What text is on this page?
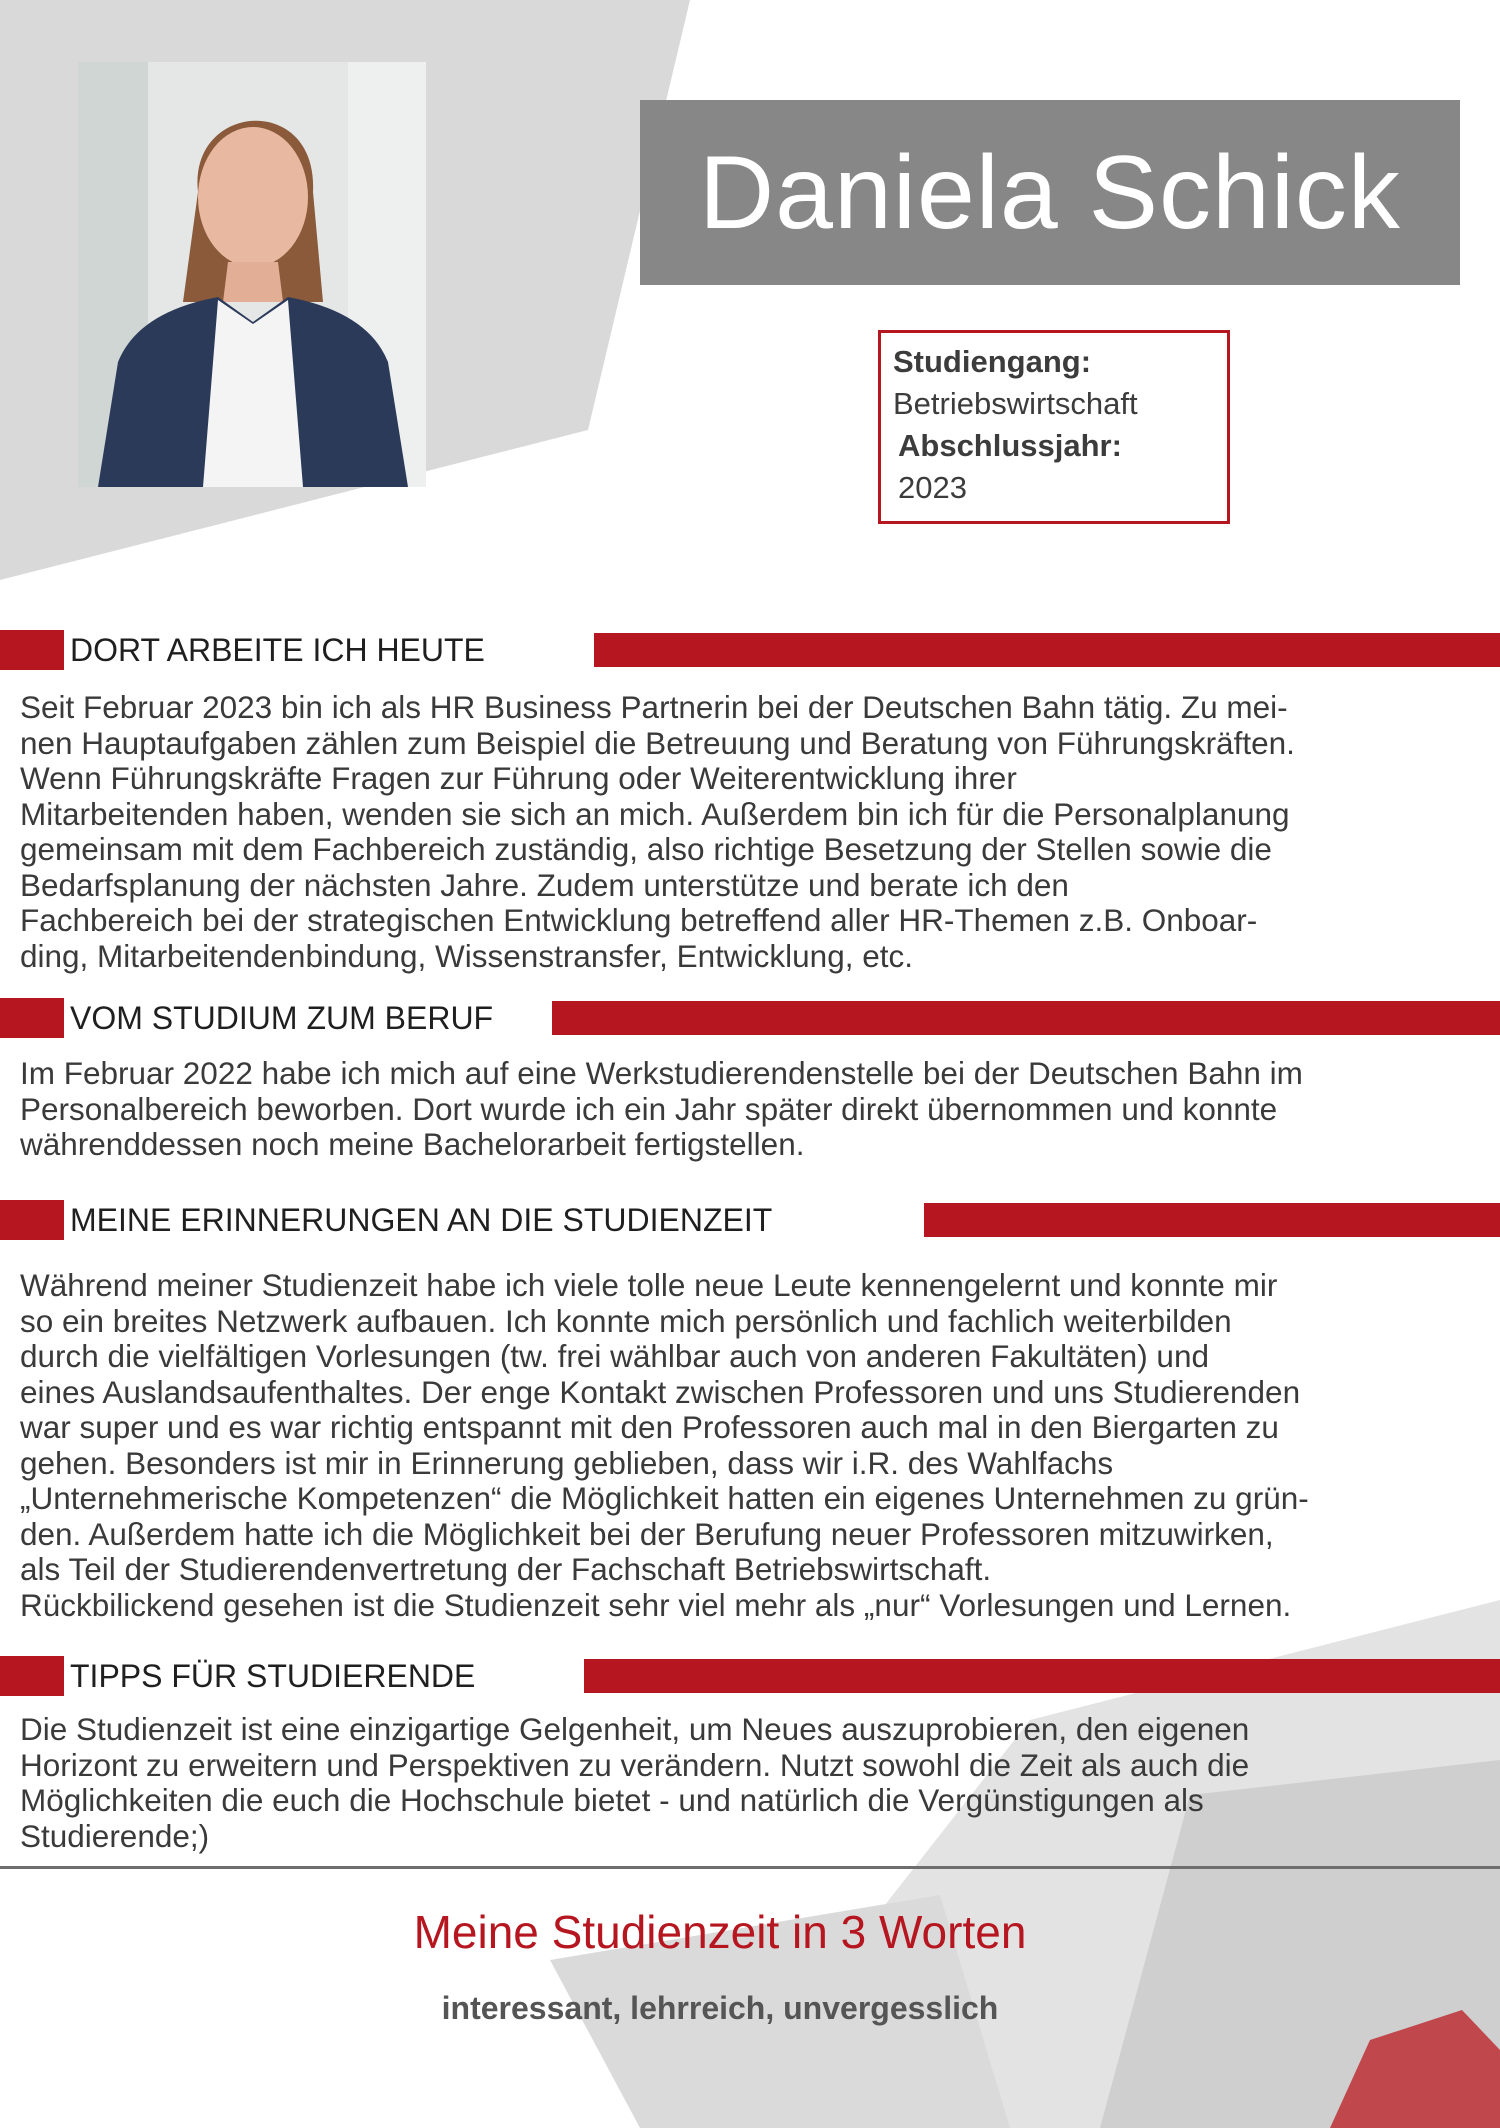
Daniela Schick
Studiengang:
Betriebswirtschaft
Abschlussjahr:
2023
DORT ARBEITE ICH HEUTE

Seit Februar 2023 bin ich als HR Business Partnerin bei der Deutschen Bahn tätig. Zu mei-

nen Hauptaufgaben zählen zum Beispiel die Betreuung und Beratung von Führungskräften.

Wenn Führungskräfte Fragen zur Führung oder Weiterentwicklung ihrer

Mitarbeitenden haben, wenden sie sich an mich. Außerdem bin ich für die Personalplanung

gemeinsam mit dem Fachbereich zuständig, also richtige Besetzung der Stellen sowie die

Bedarfsplanung der nächsten Jahre. Zudem unterstütze und berate ich den

Fachbereich bei der strategischen Entwicklung betreffend aller HR-Themen z.B. Onboar-

ding, Mitarbeitendenbindung, Wissenstransfer, Entwicklung, etc.

VOM STUDIUM ZUM BERUF

Im Februar 2022 habe ich mich auf eine Werkstudierendenstelle bei der Deutschen Bahn im

Personalbereich beworben. Dort wurde ich ein Jahr später direkt übernommen und konnte

währenddessen noch meine Bachelorarbeit fertigstellen.

MEINE ERINNERUNGEN AN DIE STUDIENZEIT

Während meiner Studienzeit habe ich viele tolle neue Leute kennengelernt und konnte mir

so ein breites Netzwerk aufbauen. Ich konnte mich persönlich und fachlich weiterbilden

durch die vielfältigen Vorlesungen (tw. frei wählbar auch von anderen Fakultäten) und

eines Auslandsaufenthaltes. Der enge Kontakt zwischen Professoren und uns Studierenden

war super und es war richtig entspannt mit den Professoren auch mal in den Biergarten zu

gehen. Besonders ist mir in Erinnerung geblieben, dass wir i.R. des Wahlfachs

„Unternehmerische Kompetenzen“ die Möglichkeit hatten ein eigenes Unternehmen zu grün-

den. Außerdem hatte ich die Möglichkeit bei der Berufung neuer Professoren mitzuwirken,

als Teil der Studierendenvertretung der Fachschaft Betriebswirtschaft.

Rückbilickend gesehen ist die Studienzeit sehr viel mehr als „nur“ Vorlesungen und Lernen.

TIPPS FÜR STUDIERENDE

Die Studienzeit ist eine einzigartige Gelgenheit, um Neues auszuprobieren, den eigenen

Horizont zu erweitern und Perspektiven zu verändern. Nutzt sowohl die Zeit als auch die

Möglichkeiten die euch die Hochschule bietet - und natürlich die Vergünstigungen als

Studierende;)

Meine Studienzeit in 3 Worten
interessant, lehrreich, unvergesslich
